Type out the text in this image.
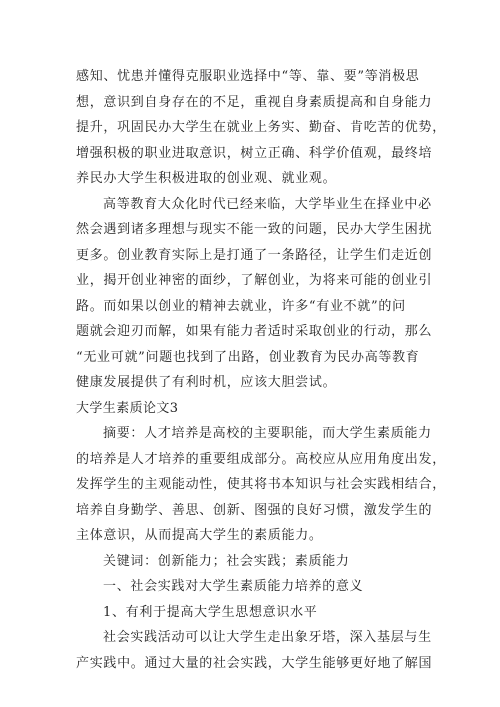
感知、忧患并懂得克服职业选择中“等、靠、要”等消极思
想，意识到自身存在的不足，重视自身素质提高和自身能力
提升，巩固民办大学生在就业上务实、勤奋、肯吃苦的优势，
增强积极的职业进取意识，树立正确、科学价值观，最终培
养民办大学生积极进取的创业观、就业观。
高等教育大众化时代已经来临，大学毕业生在择业中必
然会遇到诸多理想与现实不能一致的问题，民办大学生困扰
更多。创业教育实际上是打通了一条路径，让学生们走近创
业，揭开创业神密的面纱，了解创业，为将来可能的创业引
路。而如果以创业的精神去就业，许多“有业不就”的问
题就会迎刃而解，如果有能力者适时采取创业的行动，那么
“无业可就”问题也找到了出路，创业教育为民办高等教育
健康发展提供了有利时机，应该大胆尝试。
大学生素质论文3
摘要：人才培养是高校的主要职能，而大学生素质能力
的培养是人才培养的重要组成部分。高校应从应用角度出发，
发挥学生的主观能动性，使其将书本知识与社会实践相结合，
培养自身勤学、善思、创新、图强的良好习惯，激发学生的
主体意识，从而提高大学生的素质能力。
关键词：创新能力；社会实践；素质能力
一、社会实践对大学生素质能力培养的意义
1、有利于提高大学生思想意识水平
社会实践活动可以让大学生走出象牙塔，深入基层与生
产实践中。通过大量的社会实践，大学生能够更好地了解国
